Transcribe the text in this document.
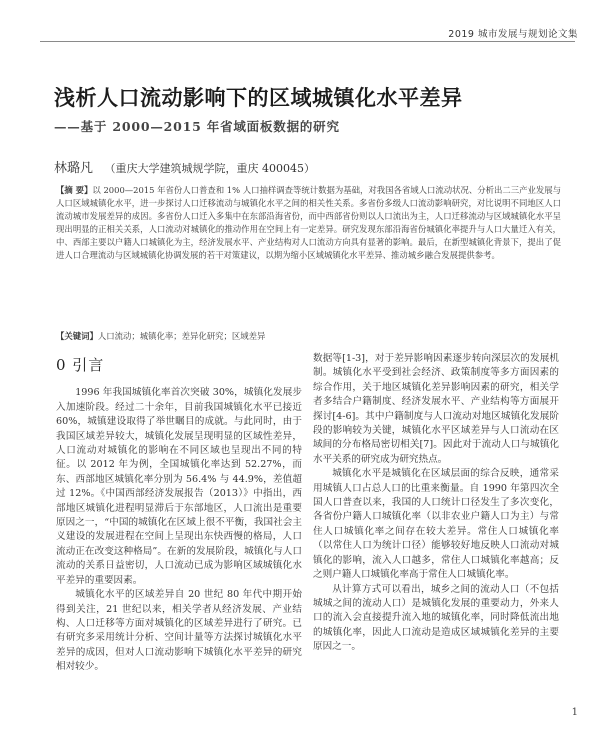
2019 城市发展与规划论文集
浅析人口流动影响下的区域城镇化水平差异
——基于 2000—2015 年省域面板数据的研究
林璐凡 （重庆大学建筑城规学院，重庆 400045）

【摘 要】以 2000—2015 年省份人口普查和 1% 人口抽样调查等统计数据为基础，对我国各省域人口流动状况、分析出二三产业发展与人口区域城镇化水平，进一步探讨人口迁移流动与城镇化水平之间的相关性关系。多省份多级人口流动影响研究，对比说明不同地区人口流动城市发展差异的成因。多省份人口迁入多集中在东部沿海省份，而中西部省份则以人口流出为主，人口迁移流动与区域城镇化水平呈现出明显的正相关关系，人口流动对城镇化的推动作用在空间上有一定差异。研究发现东部沿海省份城镇化率提升与人口大量迁入有关，中、西部主要以户籍人口城镇化为主，经济发展水平、产业结构对人口流动方向具有显著的影响。最后，在新型城镇化背景下，提出了促进人口合理流动与区域城镇化协调发展的若干对策建议，以期为缩小区域城镇化水平差异、推动城乡融合发展提供参考。

【关键词】人口流动；城镇化率；差异化研究；区域差异

0 引言

1996 年我国城镇化率首次突破 30%，城镇化发展步入加速阶段。经过二十余年，目前我国城镇化水平已接近 60%，城镇建设取得了举世瞩目的成就。与此同时，由于我国区域差异较大，城镇化发展呈现明显的区域性差异，人口流动对城镇化的影响在不同区域也呈现出不同的特征。以 2012 年为例，全国城镇化率达到 52.27%，而东、西部地区城镇化率分别为 56.4% 与 44.9%，差值超过 12%。《中国西部经济发展报告（2013）》中指出，西部地区城镇化进程明显滞后于东部地区，人口流出是重要原因之一，“中国的城镇化在区域上很不平衡，我国社会主义建设的发展进程在空间上呈现出东快西慢的格局，人口流动正在改变这种格局”。在新的发展阶段，城镇化与人口流动的关系日益密切，人口流动已成为影响区域城镇化水平差异的重要因素。

城镇化水平的区域差异自 20 世纪 80 年代中期开始得到关注，21 世纪以来，相关学者从经济发展、产业结构、人口迁移等方面对城镇化的区域差异进行了研究。已有研究多采用统计分析、空间计量等方法探讨城镇化水平差异的成因，但对人口流动影响下城镇化水平差异的研究相对较少。

数据等[1-3]，对于差异影响因素逐步转向深层次的发展机制。城镇化水平受到社会经济、政策制度等多方面因素的综合作用，关于地区城镇化差异影响因素的研究，相关学者多结合户籍制度、经济发展水平、产业结构等方面展开探讨[4-6]。其中户籍制度与人口流动对地区城镇化发展阶段的影响较为关键，城镇化水平区域差异与人口流动在区域间的分布格局密切相关[7]。因此对于流动人口与城镇化水平关系的研究成为研究热点。

城镇化水平是城镇化在区域层面的综合反映，通常采用城镇人口占总人口的比重来衡量。自 1990 年第四次全国人口普查以来，我国的人口统计口径发生了多次变化，各省份户籍人口城镇化率（以非农业户籍人口为主）与常住人口城镇化率之间存在较大差异。常住人口城镇化率（以常住人口为统计口径）能够较好地反映人口流动对城镇化的影响，流入人口越多，常住人口城镇化率越高；反之则户籍人口城镇化率高于常住人口城镇化率。

从计算方式可以看出，城乡之间的流动人口（不包括城城之间的流动人口）是城镇化发展的重要动力，外来人口的流入会直接提升流入地的城镇化率，同时降低流出地的城镇化率，因此人口流动是造成区域城镇化差异的主要原因之一。

1
